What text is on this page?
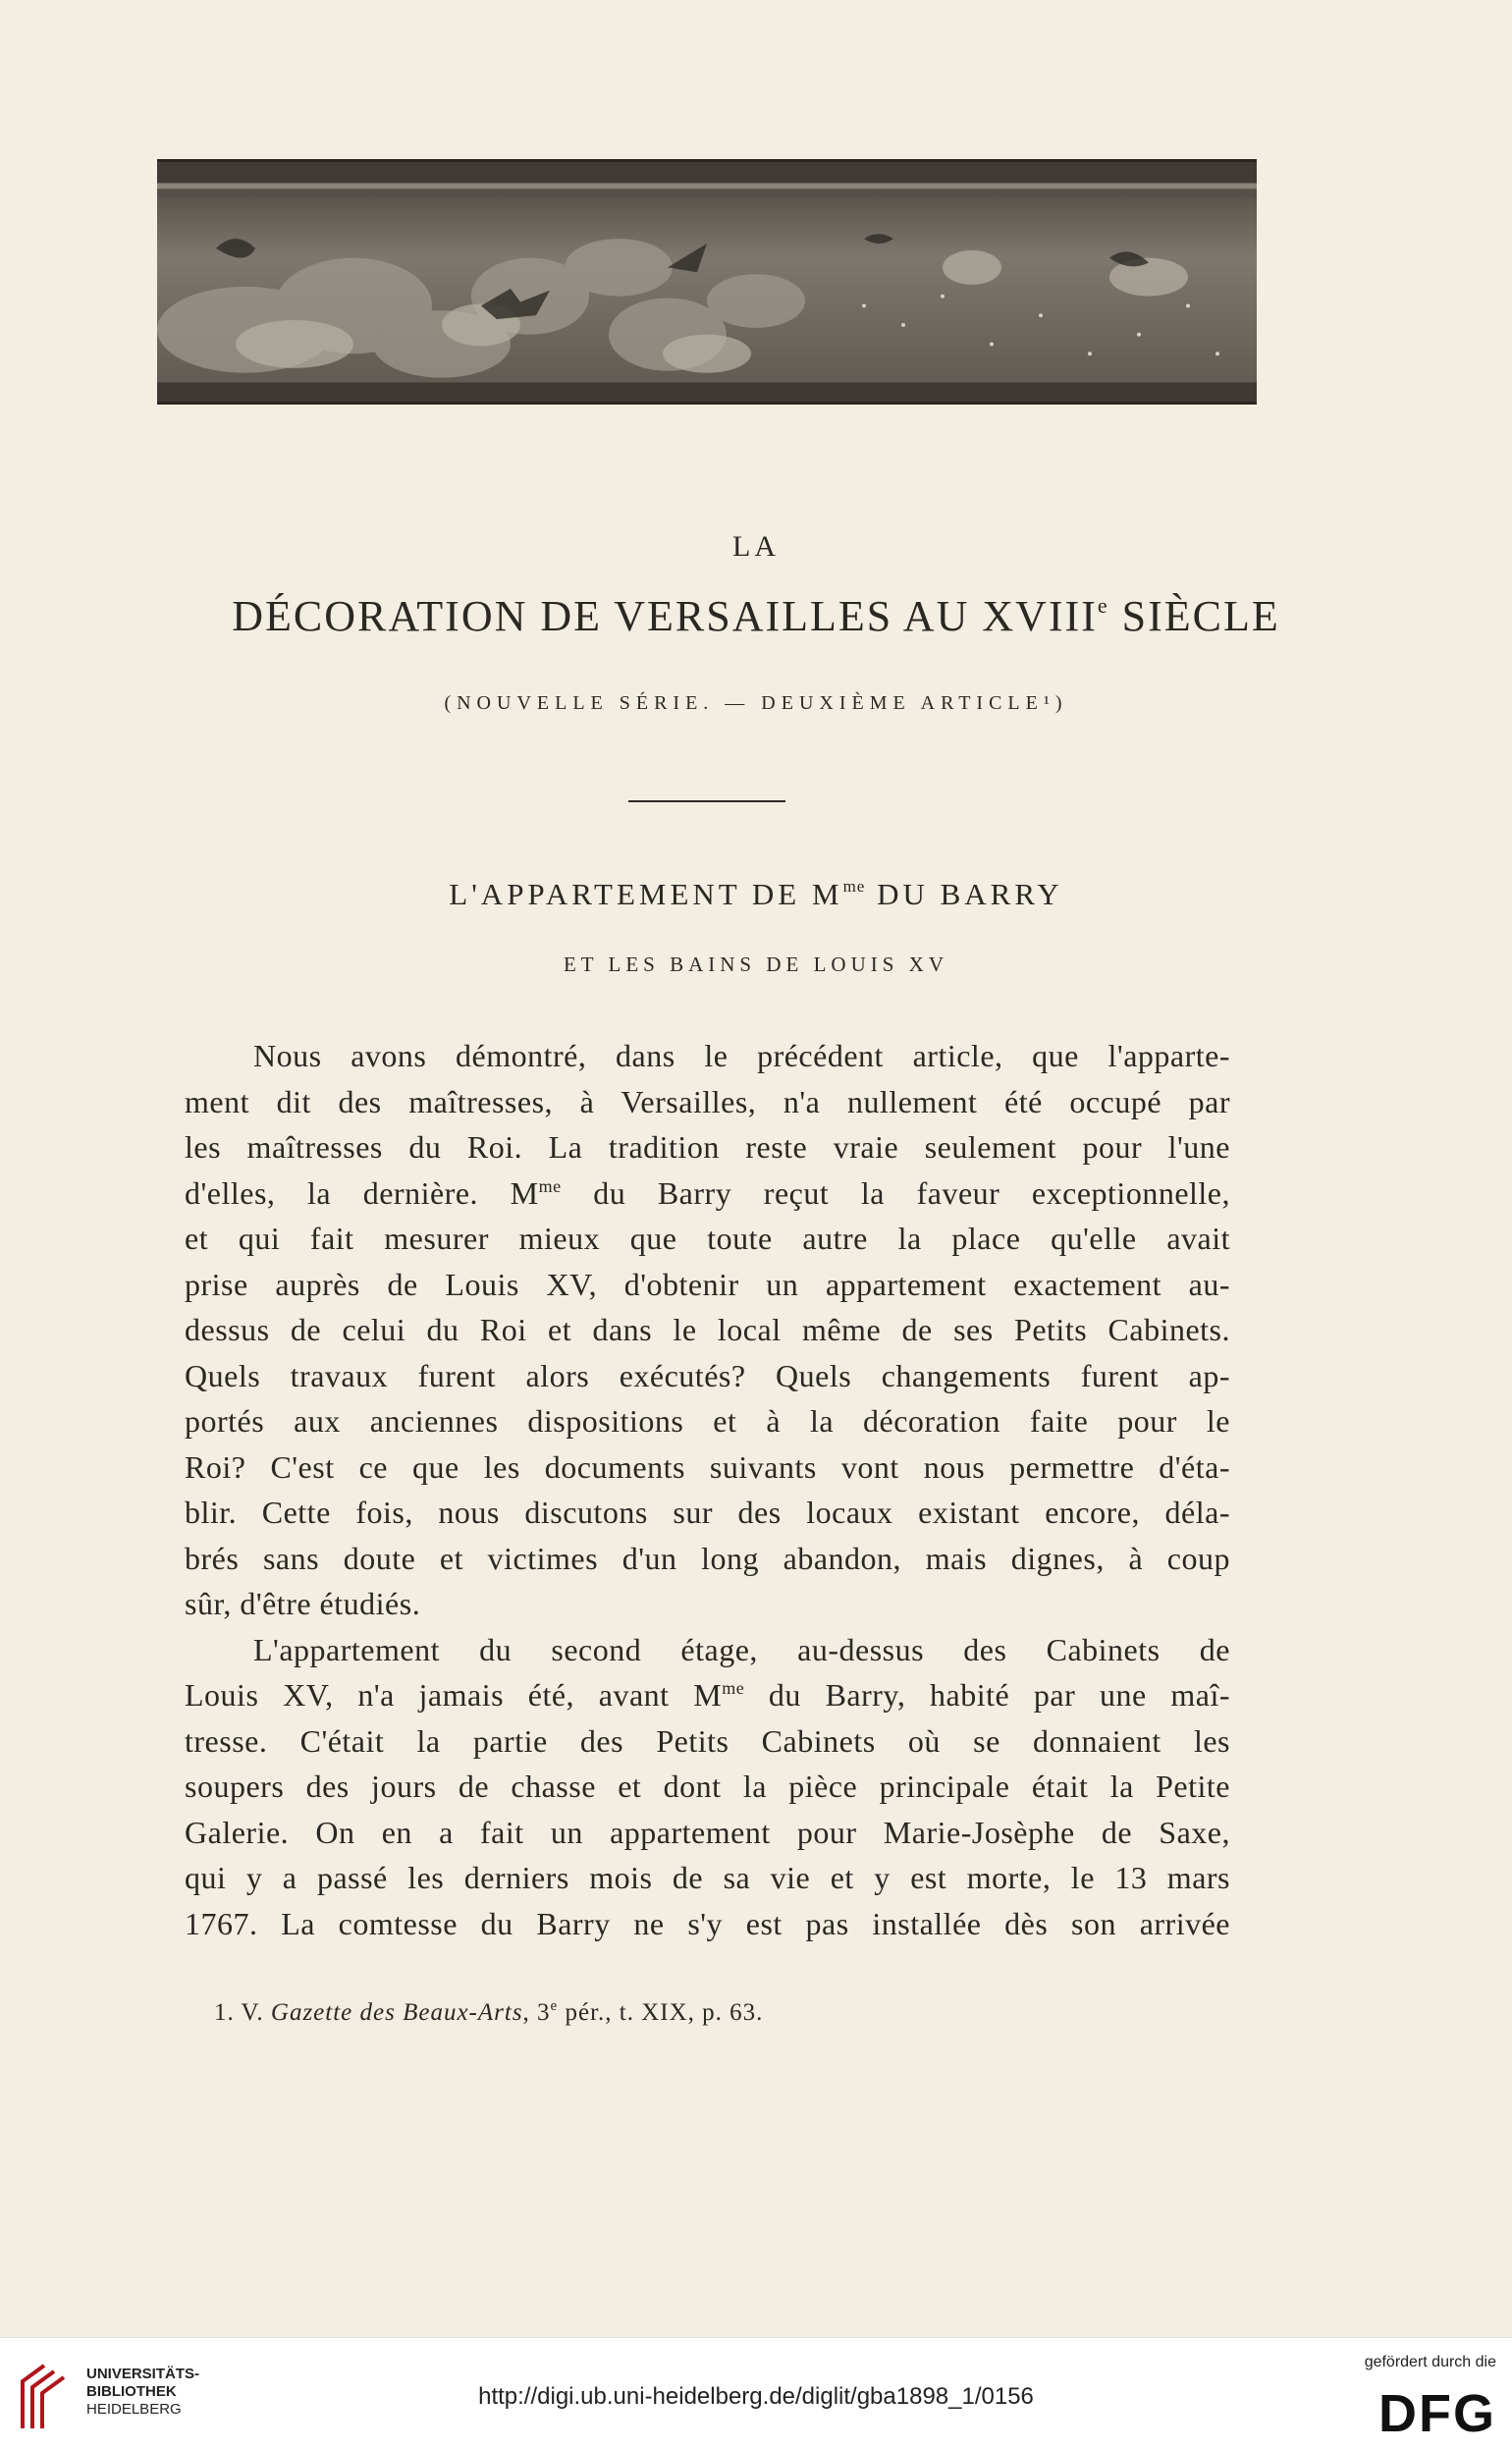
LA
DÉCORATION DE VERSAILLES AU XVIIIe SIÈCLE
(NOUVELLE SÉRIE. — DEUXIÈME ARTICLE¹)
L'APPARTEMENT DE $M^{me}$ DU BARRY
ET LES BAINS DE LOUIS XV
Nous avons démontré, dans le précédent article, que l'apparte-
ment dit des maîtresses, à Versailles, n'a nullement été occupé par
les maîtresses du Roi. La tradition reste vraie seulement pour l'une
d'elles, la dernière. $M^{me}$ du Barry reçut la faveur exceptionnelle,
et qui fait mesurer mieux que toute autre la place qu'elle avait
prise auprès de Louis XV, d'obtenir un appartement exactement au-
dessus de celui du Roi et dans le local même de ses Petits Cabinets.
Quels travaux furent alors exécutés? Quels changements furent ap-
portés aux anciennes dispositions et à la décoration faite pour le
Roi? C'est ce que les documents suivants vont nous permettre d'éta-
blir. Cette fois, nous discutons sur des locaux existant encore, déla-
brés sans doute et victimes d'un long abandon, mais dignes, à coup
sûr, d'être étudiés.
L'appartement du second étage, au-dessus des Cabinets de
Louis XV, n'a jamais été, avant $M^{me}$ du Barry, habité par une maî-
tresse. C'était la partie des Petits Cabinets où se donnaient les
soupers des jours de chasse et dont la pièce principale était la Petite
Galerie. On en a fait un appartement pour Marie-Josèphe de Saxe,
qui y a passé les derniers mois de sa vie et y est morte, le 13 mars
1767. La comtesse du Barry ne s'y est pas installée dès son arrivée
1. V. Gazette des Beaux-Arts, 3e pér., t. XIX, p. 63.
UNIVERSITÄTS-
BIBLIOTHEK
HEIDELBERG	http://digi.ub.uni-heidelberg.de/diglit/gba1898_1/0156
gefördert durch die
DFG
